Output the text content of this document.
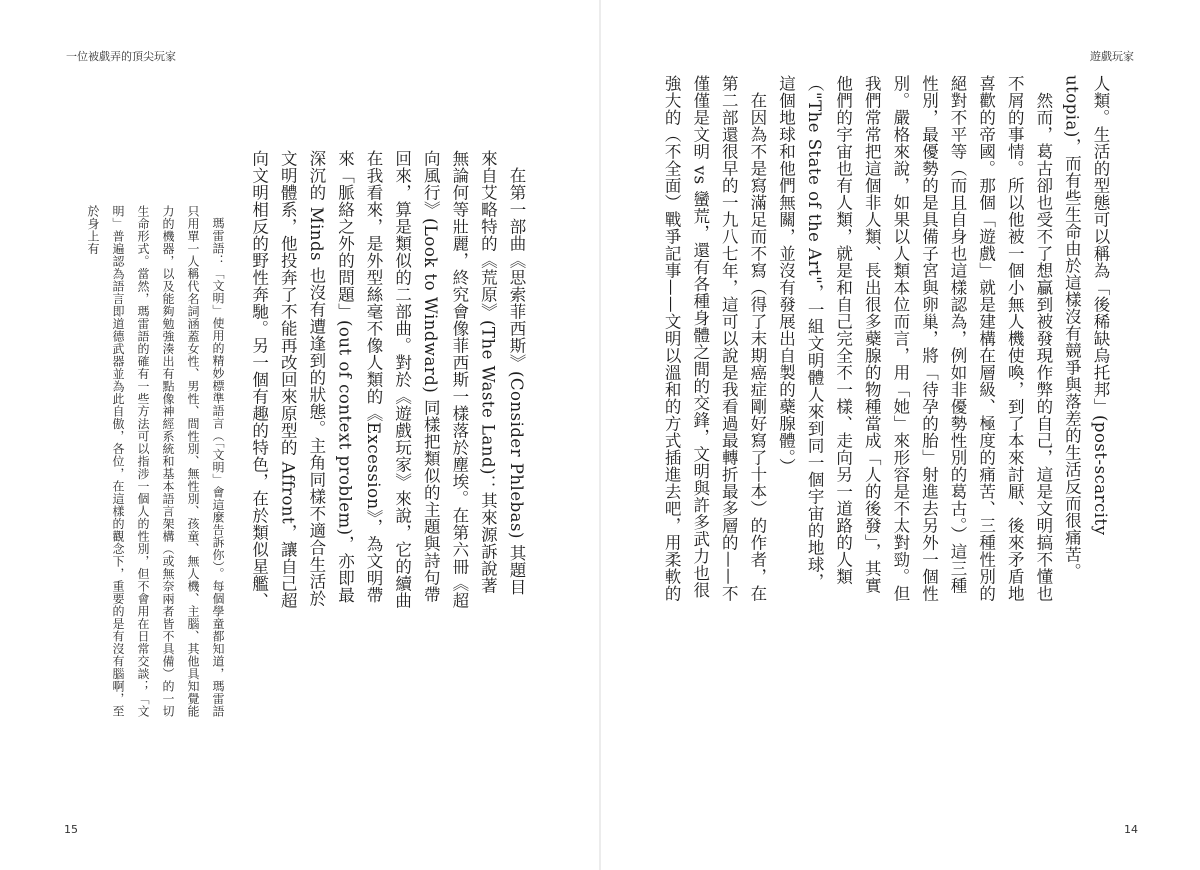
一位被戲弄的頂尖玩家

在第一部曲《思索菲西斯》(Consider Phlebas) 其題目來自艾略特的《荒原》(The Waste Land)：其來源訴說著無論何等壯麗，終究會像菲西斯一樣落於塵埃。在第六冊《超向風行》(Look to Windward) 同樣把類似的主題與詩句帶回來，算是類似的二部曲。對於《遊戲玩家》來說，它的續曲在我看來，是外型絲毫不像人類的《Excession》，為文明帶來「脈絡之外的問題」(out of context problem)，亦即最深沉的 Minds 也沒有遭逢到的狀態。主角同樣不適合生活於文明體系，他投奔了不能再改回來原型的 Affront，讓自己超向文明相反的野性奔馳。另一個有趣的特色，在於類似星艦、

瑪雷語：「文明」使用的精妙標準語言（「文明」會這麼告訴你）。每個學童都知道，瑪雷語只用單一人稱代名詞涵蓋女性、男性、間性別、無性別、孩童、無人機、主腦、其他具知覺能力的機器，以及能夠勉強湊出有點像神經系統和基本語言架構（或無奈兩者皆不具備）的一切生命形式。當然，瑪雷語的確有一些方法可以指涉一個人的性別，但不會用在日常交談；「文明」普遍認為語言即道德武器並為此自傲，各位，在這樣的觀念下，重要的是有沒有腦啊，至於身上有

15
遊戲玩家

人類。生活的型態可以稱為「後稀缺烏托邦」(post-scarcity utopia)，而有些生命由於這樣沒有競爭與落差的生活反而很痛苦。

然而，葛古卻也受不了想贏到被發現作弊的自己，這是文明搞不懂也不屑的事情。所以他被一個小無人機使喚，到了本來討厭、後來矛盾地喜歡的帝國。那個「遊戲」就是建構在層級、極度的痛苦、三種性別的絕對不平等（而且自身也這樣認為，例如非優勢性別的葛古。）這三種性別，最優勢的是具備子宮與卵巢，將「待孕的胎」射進去另外一個性別。嚴格來說，如果以人類本位而言，用「她」來形容是不太對勁。但我們常常把這個非人類、長出很多蘗腺的物種當成「人的後發」，其實他們的宇宙也有人類，就是和自己完全不一樣、走向另一道路的人類（"The State of the Art"，一組文明體人來到同一個宇宙的地球，這個地球和他們無關，並沒有發展出自製的蘗腺體。）

在因為不是寫滿足而不寫（得了末期癌症剛好寫了十本）的作者，在第二部還很早的一九八七年，這可以說是我看過最轉折最多層的——不僅僅是文明 vs 蠻荒，還有各種身體之間的交鋒，文明與許多武力也很強大的（不全面）戰爭記事——文明以溫和的方式插進去吧，用柔軟的

14
